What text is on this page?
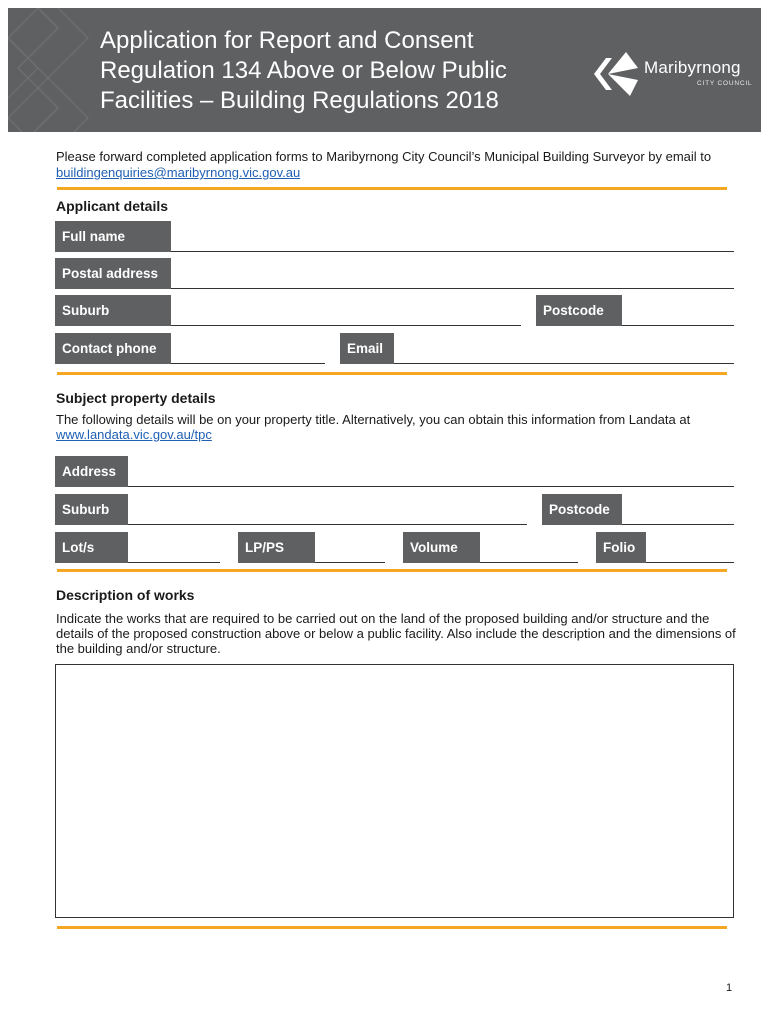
Application for Report and Consent
Regulation 134 Above or Below Public
Facilities – Building Regulations 2018
Maribyrnong
CITY COUNCIL
Please forward completed application forms to Maribyrnong City Council’s Municipal Building Surveyor by email to buildingenquiries@maribyrnong.vic.gov.au
Applicant details
Full name
Postal address
Suburb	Postcode
Contact phone	Email
Subject property details
The following details will be on your property title. Alternatively, you can obtain this information from Landata at www.landata.vic.gov.au/tpc
Address
Suburb	Postcode
Lot/s	LP/PS	Volume	Folio
Description of works
Indicate the works that are required to be carried out on the land of the proposed building and/or structure and the details of the proposed construction above or below a public facility. Also include the description and the dimensions of the building and/or structure.
1
